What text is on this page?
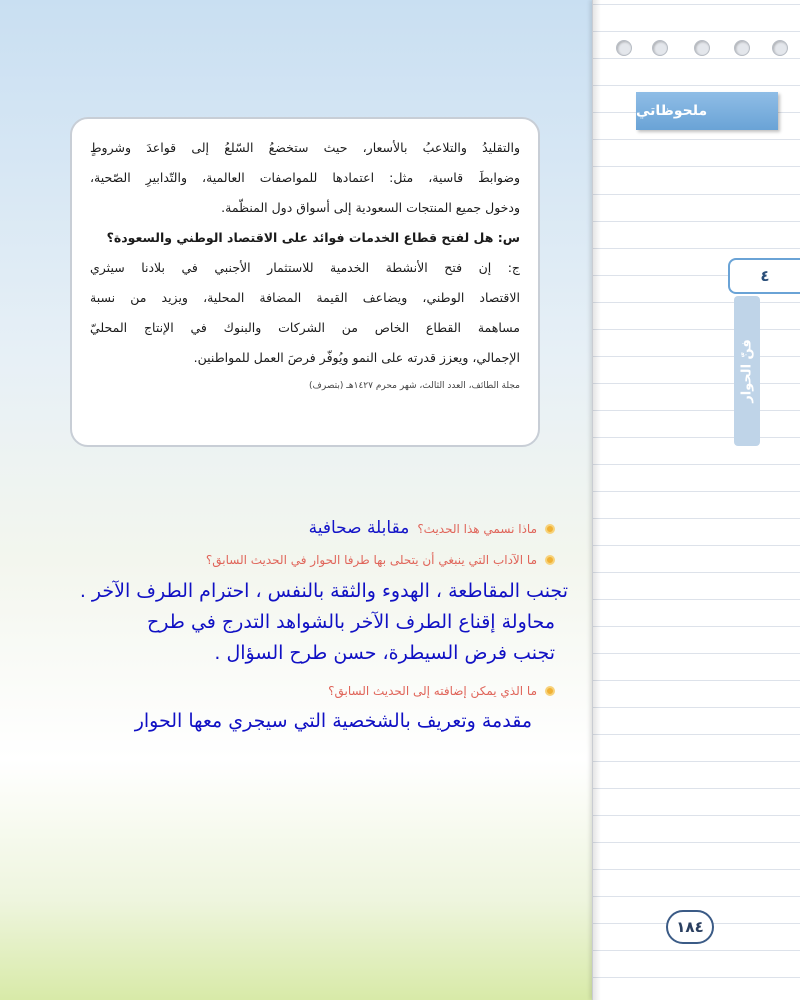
ملحوظاتي
٤
فنّ الحوار
١٨٤
والتقليدُ والتلاعبُ بالأسعار، حيث ستخضعُ السّلعُ إلى قواعدَ وشروطٍ
وضوابطَ قاسية، مثل: اعتمادها للمواصفات العالمية، والتّدابيرِ الصّحية،
ودخول جميع المنتجات السعودية إلى أسواق دول المنظّمة.
س: هل لفتح قطاع الخدمات فوائد على الاقتصاد الوطني والسعودة؟
ج: إن فتح الأنشطة الخدمية للاستثمار الأجنبي في بلادنا سيثري
الاقتصاد الوطني، ويضاعف القيمة المضافة المحلية، ويزيد من نسبة
مساهمة القطاع الخاص من الشركات والبنوك في الإنتاج المحليّ
الإجمالي، ويعزز قدرته على النمو ويُوفّر فرصَ العمل للمواطنين.
مجلة الطائف، العدد الثالث، شهر محرم ١٤٢٧هـ (بتصرف)
ماذا نسمي هذا الحديث؟
مقابلة صحافية
ما الآداب التي ينبغي أن يتحلى بها طرفا الحوار في الحديث السابق؟
تجنب المقاطعة ، الهدوء والثقة بالنفس ، احترام الطرف الآخر .
محاولة إقناع الطرف الآخر بالشواهد التدرج في طرح
تجنب فرض السيطرة، حسن طرح السؤال .
ما الذي يمكن إضافته إلى الحديث السابق؟
مقدمة وتعريف بالشخصية التي سيجري معها الحوار
